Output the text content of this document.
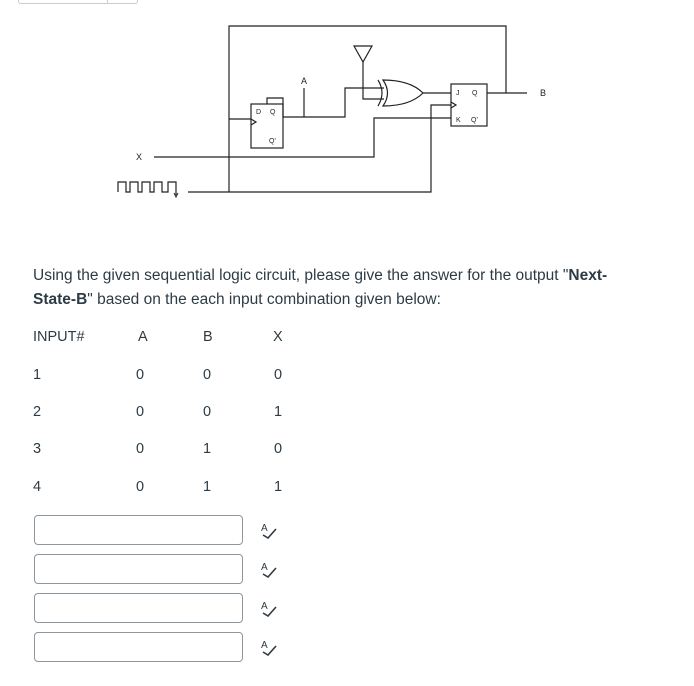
D Q
Q'
J Q
K Q'
A
B
X
Using the given sequential logic circuit, please give the answer for the output "Next-State-B" based on the each input combination given below:
INPUT#	A	B	X
1	0	0	0
2	0	0	1
3	0	1	0
4	0	1	1
A
A
A
A
